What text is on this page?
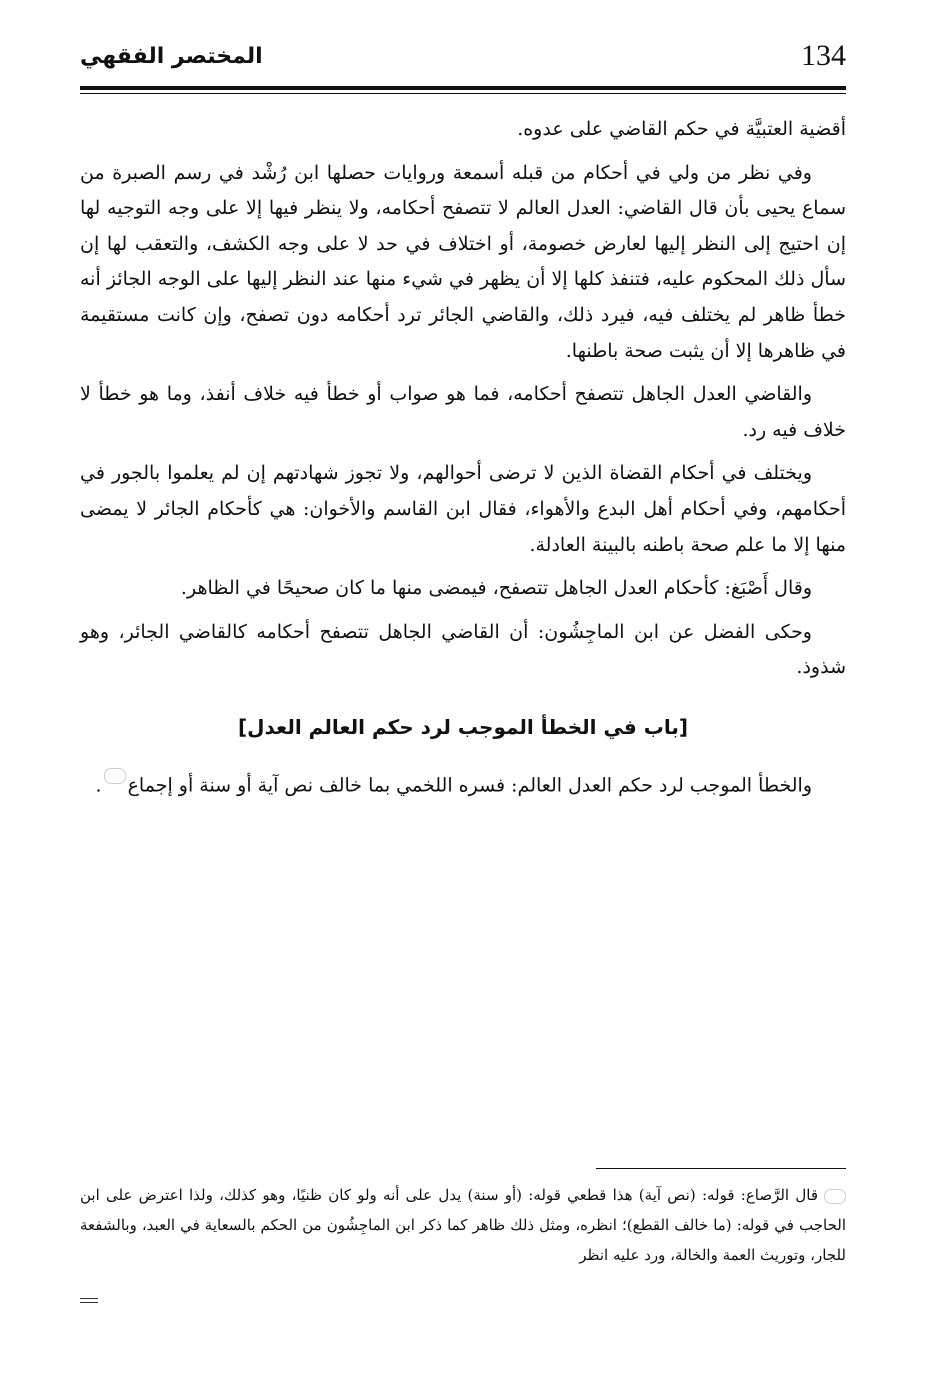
134
المختصر الفقهي

أقضية العتبيَّة في حكم القاضي على عدوه.

وفي نظر من ولي في أحكام من قبله أسمعة وروايات حصلها ابن رُشْد في رسم الصبرة من سماع يحيى بأن قال القاضي: العدل العالم لا تتصفح أحكامه، ولا ينظر فيها إلا على وجه التوجيه لها إن احتيج إلى النظر إليها لعارض خصومة، أو اختلاف في حد لا على وجه الكشف، والتعقب لها إن سأل ذلك المحكوم عليه، فتنفذ كلها إلا أن يظهر في شيء منها عند النظر إليها على الوجه الجائز أنه خطأ ظاهر لم يختلف فيه، فيرد ذلك، والقاضي الجائر ترد أحكامه دون تصفح، وإن كانت مستقيمة في ظاهرها إلا أن يثبت صحة باطنها.

والقاضي العدل الجاهل تتصفح أحكامه، فما هو صواب أو خطأ فيه خلاف أنفذ، وما هو خطأ لا خلاف فيه رد.

ويختلف في أحكام القضاة الذين لا ترضى أحوالهم، ولا تجوز شهادتهم إن لم يعلموا بالجور في أحكامهم، وفي أحكام أهل البدع والأهواء، فقال ابن القاسم والأخوان: هي كأحكام الجائر لا يمضى منها إلا ما علم صحة باطنه بالبينة العادلة.

وقال أَصْبَغ: كأحكام العدل الجاهل تتصفح، فيمضى منها ما كان صحيحًا في الظاهر.

وحكى الفضل عن ابن الماجِشُون: أن القاضي الجاهل تتصفح أحكامه كالقاضي الجائر، وهو شذوذ.

[باب في الخطأ الموجب لرد حكم العالم العدل]

والخطأ الموجب لرد حكم العدل العالم: فسره اللخمي بما خالف نص آية أو سنة أو إجماع.

قال الرَّصاع: قوله: (نص آية) هذا قطعي قوله: (أو سنة) يدل على أنه ولو كان ظنيًا، وهو كذلك، ولذا اعترض على ابن الحاجب في قوله: (ما خالف القطع)؛ انظره، ومثل ذلك ظاهر كما ذكر ابن الماجِشُون من الحكم بالسعاية في العبد، وبالشفعة للجار، وتوريث العمة والخالة، ورد عليه انظر
